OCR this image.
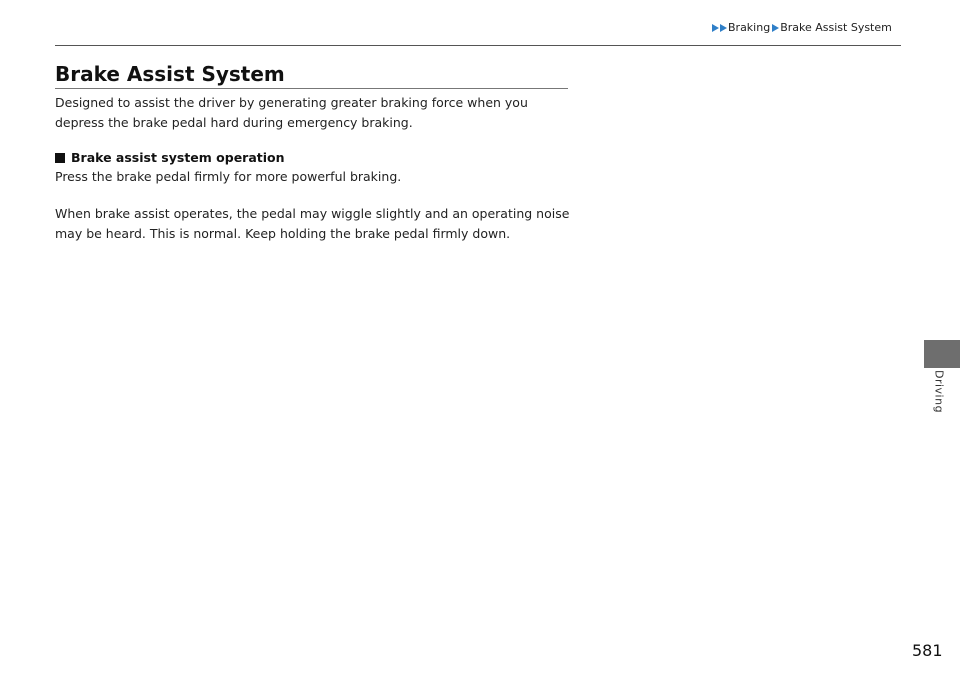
Braking Brake Assist System
Brake Assist System

Designed to assist the driver by generating greater braking force when you depress the brake pedal hard during emergency braking.

Brake assist system operation

Press the brake pedal firmly for more powerful braking.

When brake assist operates, the pedal may wiggle slightly and an operating noise may be heard. This is normal. Keep holding the brake pedal firmly down.

Driving
581
